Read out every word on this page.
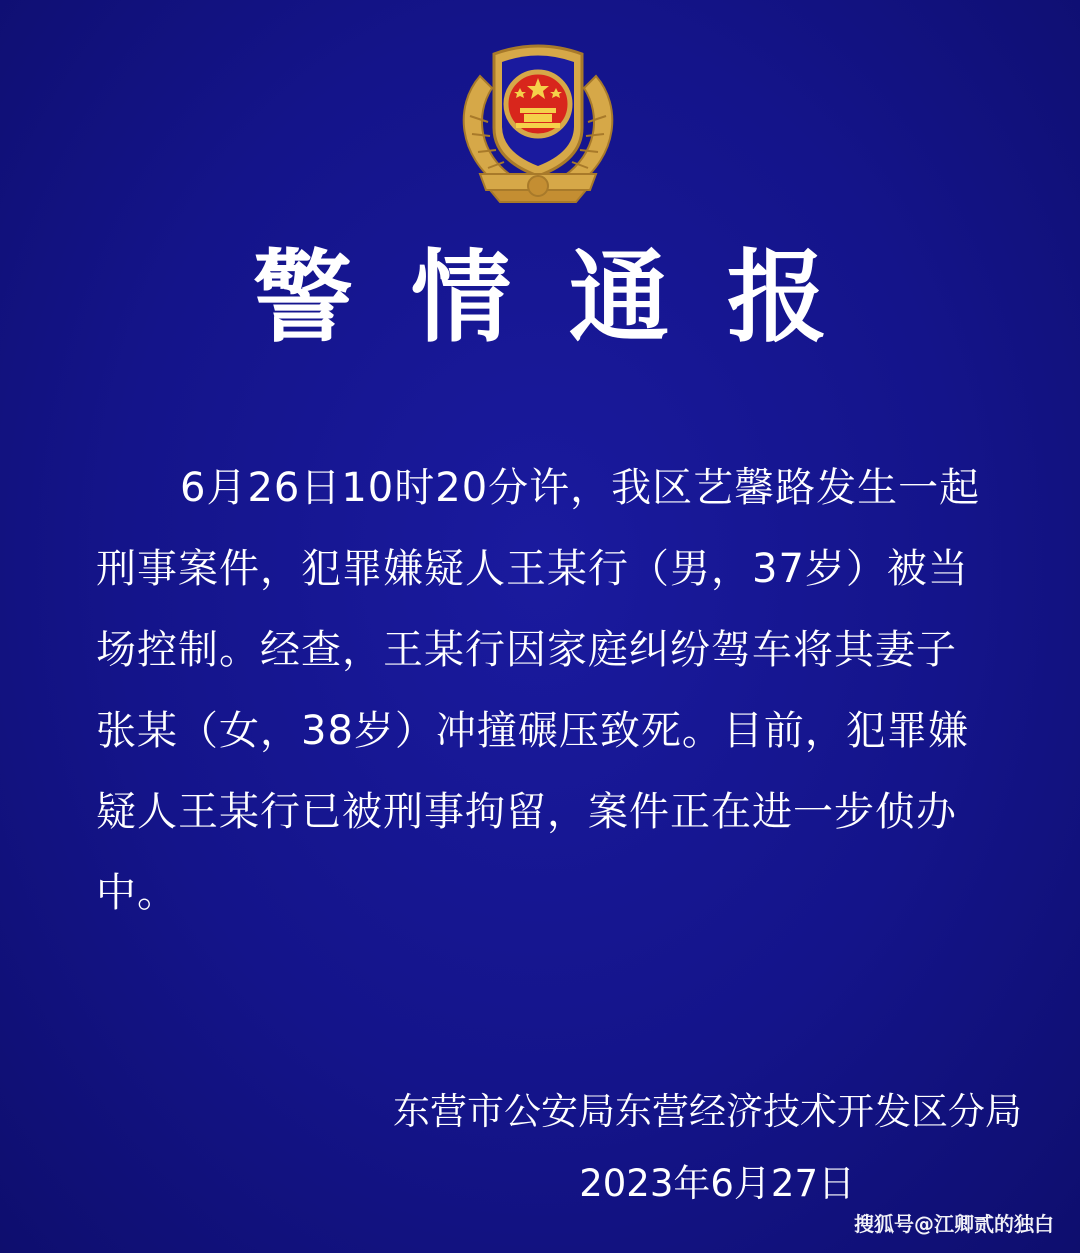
警情通报

6月26日10时20分许，我区艺馨路发生一起刑事案件，犯罪嫌疑人王某行（男，37岁）被当场控制。经查，王某行因家庭纠纷驾车将其妻子张某（女，38岁）冲撞碾压致死。目前，犯罪嫌疑人王某行已被刑事拘留，案件正在进一步侦办中。

东营市公安局东营经济技术开发区分局
2023年6月27日
搜狐号@江卿贰的独白
